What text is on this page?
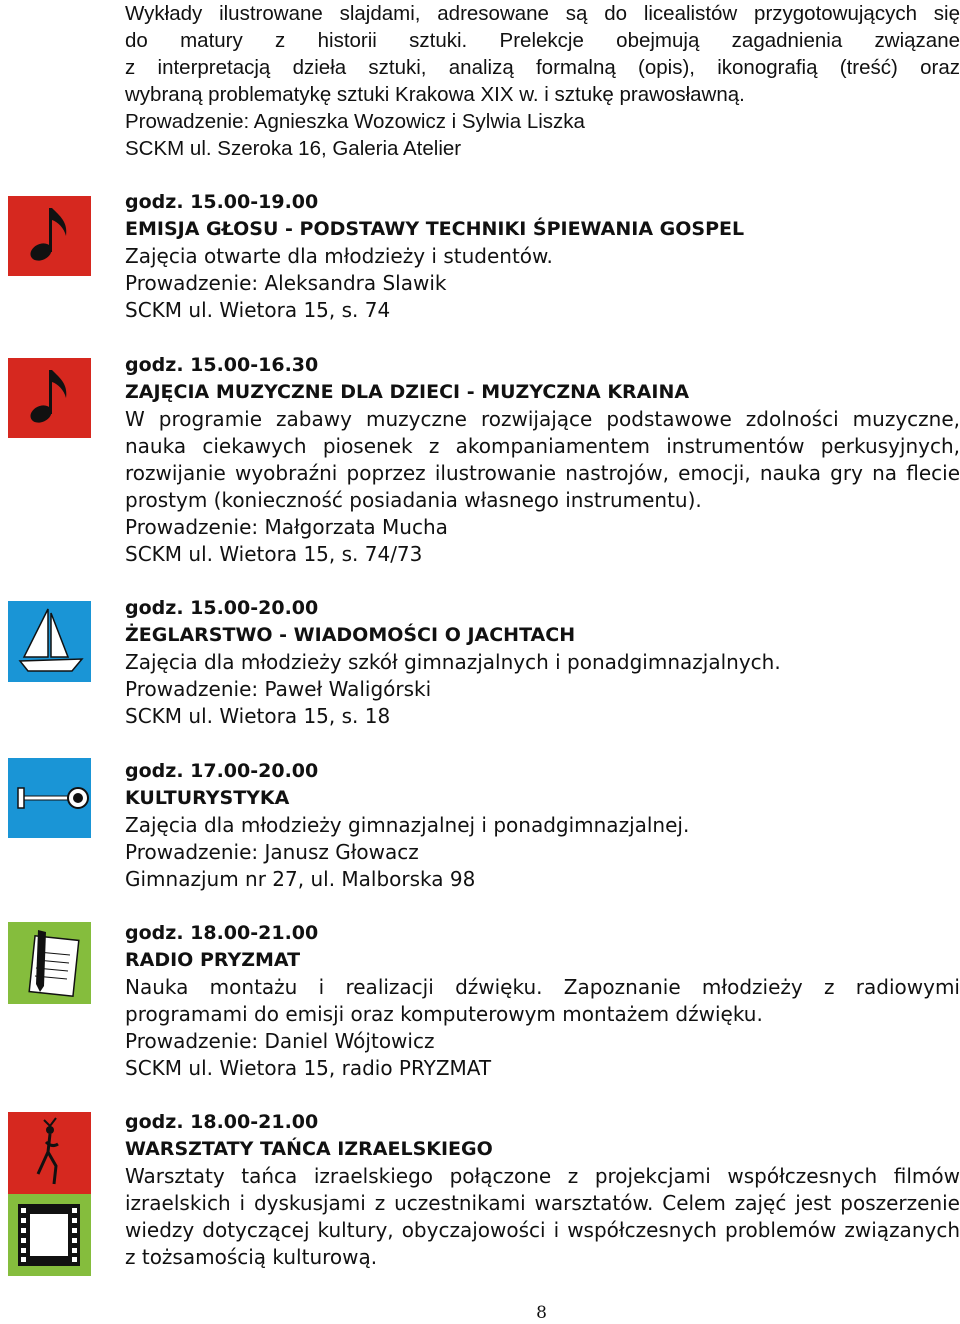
Wykłady ilustrowane slajdami, adresowane są do licealistów przygotowujących się
do matury z historii sztuki. Prelekcje obejmują zagadnienia związane
z interpretacją dzieła sztuki, analizą formalną (opis), ikonografią (treść) oraz
wybraną problematykę sztuki Krakowa XIX w. i sztukę prawosławną.
Prowadzenie: Agnieszka Wozowicz i Sylwia Liszka
SCKM ul. Szeroka 16, Galeria Atelier
godz. 15.00-19.00
EMISJA GŁOSU - PODSTAWY TECHNIKI ŚPIEWANIA GOSPEL
Zajęcia otwarte dla młodzieży i studentów.
Prowadzenie: Aleksandra Slawik
SCKM ul. Wietora 15, s. 74
godz. 15.00-16.30
ZAJĘCIA MUZYCZNE DLA DZIECI - MUZYCZNA KRAINA
W programie zabawy muzyczne rozwijające podstawowe zdolności muzyczne,
nauka ciekawych piosenek z akompaniamentem instrumentów perkusyjnych,
rozwijanie wyobraźni poprzez ilustrowanie nastrojów, emocji, nauka gry na flecie
prostym (konieczność posiadania własnego instrumentu).
Prowadzenie: Małgorzata Mucha
SCKM ul. Wietora 15, s. 74/73
godz. 15.00-20.00
ŻEGLARSTWO - WIADOMOŚCI O JACHTACH
Zajęcia dla młodzieży szkół gimnazjalnych i ponadgimnazjalnych.
Prowadzenie: Paweł Waligórski
SCKM ul. Wietora 15, s. 18
godz. 17.00-20.00
KULTURYSTYKA
Zajęcia dla młodzieży gimnazjalnej i ponadgimnazjalnej.
Prowadzenie: Janusz Głowacz
Gimnazjum nr 27, ul. Malborska 98
godz. 18.00-21.00
RADIO PRYZMAT
Nauka montażu i realizacji dźwięku. Zapoznanie młodzieży z radiowymi
programami do emisji oraz komputerowym montażem dźwięku.
Prowadzenie: Daniel Wójtowicz
SCKM ul. Wietora 15, radio PRYZMAT
godz. 18.00-21.00
WARSZTATY TAŃCA IZRAELSKIEGO
Warsztaty tańca izraelskiego połączone z projekcjami współczesnych filmów
izraelskich i dyskusjami z uczestnikami warsztatów. Celem zajęć jest poszerzenie
wiedzy dotyczącej kultury, obyczajowości i współczesnych problemów związanych
z tożsamością kulturową.
8
